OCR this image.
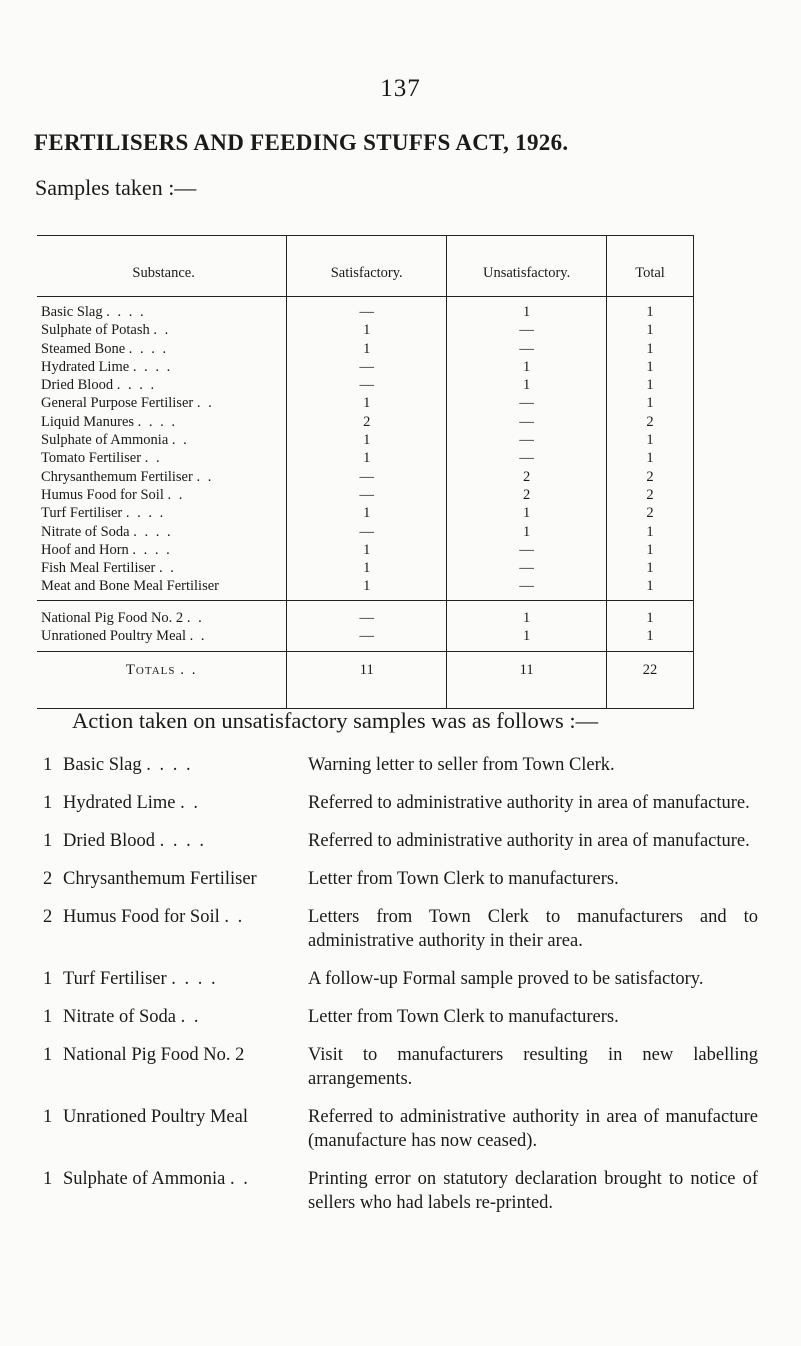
137
FERTILISERS AND FEEDING STUFFS ACT, 1926.
Samples taken :—
Substance.	Satisfactory.	Unsatisfactory.	Total
Basic Slag . . . .	—	1	1
Sulphate of Potash . .	1	—	1
Steamed Bone . . . .	1	—	1
Hydrated Lime . . . .	—	1	1
Dried Blood . . . .	—	1	1
General Purpose Fertiliser . .	1	—	1
Liquid Manures . . . .	2	—	2
Sulphate of Ammonia . .	1	—	1
Tomato Fertiliser . .	1	—	1
Chrysanthemum Fertiliser . .	—	2	2
Humus Food for Soil . .	—	2	2
Turf Fertiliser . . . .	1	1	2
Nitrate of Soda . . . .	—	1	1
Hoof and Horn . . . .	1	—	1
Fish Meal Fertiliser . .	1	—	1
Meat and Bone Meal Fertiliser	1	—	1
National Pig Food No. 2 . .	—	1	1
Unrationed Poultry Meal . .	—	1	1
Totals . .	11	11	22
Action taken on unsatisfactory samples was as follows :—
1 Basic Slag . . . .	Warning letter to seller from Town Clerk.
1 Hydrated Lime . .	Referred to administrative authority in area of manufacture.
1 Dried Blood . . . .	Referred to administrative authority in area of manufacture.
2 Chrysanthemum Fertiliser	Letter from Town Clerk to manufacturers.
2 Humus Food for Soil . .	Letters from Town Clerk to manufacturers and to administrative authority in their area.
1 Turf Fertiliser . . . .	A follow-up Formal sample proved to be satisfactory.
1 Nitrate of Soda . .	Letter from Town Clerk to manufacturers.
1 National Pig Food No. 2	Visit to manufacturers resulting in new labelling arrangements.
1 Unrationed Poultry Meal	Referred to administrative authority in area of manufacture (manufacture has now ceased).
1 Sulphate of Ammonia . .	Printing error on statutory declaration brought to notice of sellers who had labels re-printed.
